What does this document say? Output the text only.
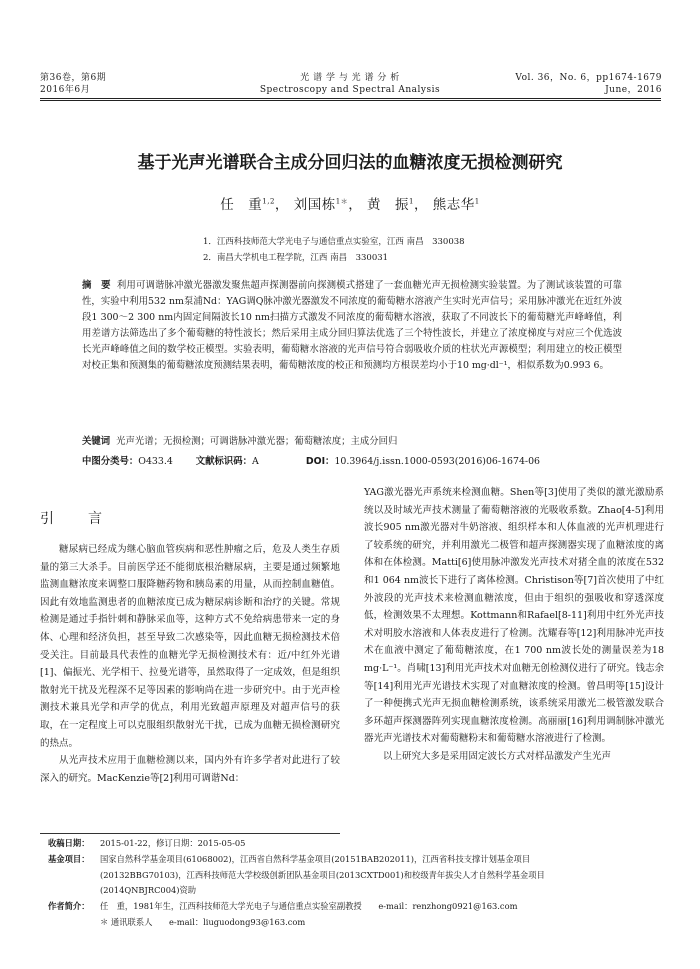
第36卷，第6期
2016年6月
光 谱 学 与 光 谱 分 析
Spectroscopy and Spectral Analysis
Vol. 36，No. 6，pp1674-1679
June，2016
基于光声光谱联合主成分回归法的血糖浓度无损检测研究
任　重$^{1,2}$， 刘国栋$^{1*}$， 黄　振$^1$， 熊志华$^1$
1．江西科技师范大学光电子与通信重点实验室，江西 南昌　330038
2．南昌大学机电工程学院，江西 南昌　330031
摘　要 利用可调谐脉冲激光器激发聚焦超声探测器前向探测模式搭建了一套血糖光声无损检测实验装置。为了测试该装置的可靠性，实验中利用532 nm泵浦Nd：YAG调Q脉冲激光器激发不同浓度的葡萄糖水溶液产生实时光声信号；采用脉冲激光在近红外波段1 300～2 300 nm内固定间隔波长10 nm扫描方式激发不同浓度的葡萄糖水溶液，获取了不同波长下的葡萄糖光声峰峰值，利用差谱方法筛选出了多个葡萄糖的特性波长；然后采用主成分回归算法优选了三个特性波长，并建立了浓度梯度与对应三个优选波长光声峰峰值之间的数学校正模型。实验表明，葡萄糖水溶液的光声信号符合弱吸收介质的柱状光声源模型；利用建立的校正模型对校正集和预测集的葡萄糖浓度预测结果表明，葡萄糖浓度的校正和预测均方根误差均小于10 mg·dl⁻¹，相似系数为0.993 6。
关键词 光声光谱；无损检测；可调谐脉冲激光器；葡萄糖浓度；主成分回归
中图分类号：O433.4 文献标识码：A	DOI：10.3964/j.issn.1000-0593(2016)06-1674-06
引　言

糖尿病已经成为继心脑血管疾病和恶性肿瘤之后，危及人类生存质量的第三大杀手。目前医学还不能彻底根治糖尿病，主要是通过频繁地监测血糖浓度来调整口服降糖药物和胰岛素的用量，从而控制血糖值。因此有效地监测患者的血糖浓度已成为糖尿病诊断和治疗的关键。常规检测是通过手指针刺和静脉采血等，这种方式不免给病患带来一定的身体、心理和经济负担，甚至导致二次感染等，因此血糖无损检测技术倍受关注。目前最具代表性的血糖光学无损检测技术有：近/中红外光谱[1]、偏振光、光学相干、拉曼光谱等，虽然取得了一定成效，但是组织散射光干扰及光程深不足等因素的影响尚在进一步研究中。由于光声检测技术兼具光学和声学的优点，利用光致超声原理及对超声信号的获取，在一定程度上可以克服组织散射光干扰，已成为血糖无损检测研究的热点。

从光声技术应用于血糖检测以来，国内外有许多学者对此进行了较深入的研究。MacKenzie等[2]利用可调谐Nd：

YAG激光器光声系统来检测血糖。Shen等[3]使用了类似的激光激励系统以及时域光声技术测量了葡萄糖溶液的光吸收系数。Zhao[4-5]利用波长905 nm激光器对牛奶溶液、组织样本和人体血液的光声机理进行了较系统的研究，并利用激光二极管和超声探测器实现了血糖浓度的离体和在体检测。Matti[6]使用脉冲激发光声技术对猪全血的浓度在532和1 064 nm波长下进行了离体检测。Christison等[7]首次使用了中红外波段的光声技术来检测血糖浓度，但由于组织的强吸收和穿透深度低，检测效果不太理想。Kottmann和Rafael[8-11]利用中红外光声技术对明胶水溶液和人体表皮进行了检测。沈耀春等[12]利用脉冲光声技术在血液中测定了葡萄糖浓度，在1 700 nm波长处的测量误差为18 mg·L⁻¹。肖啸[13]利用光声技术对血糖无创检测仪进行了研究。钱志余等[14]利用光声光谱技术实现了对血糖浓度的检测。曾昌明等[15]设计了一种便携式光声无损血糖检测系统，该系统采用激光二极管激发联合多环超声探测器阵列实现血糖浓度检测。高丽丽[16]利用调制脉冲激光器光声光谱技术对葡萄糖粉末和葡萄糖水溶液进行了检测。

以上研究大多是采用固定波长方式对样品激发产生光声

收稿日期： 2015-01-22，修订日期：2015-05-05
基金项目： 国家自然科学基金项目(61068002)，江西省自然科学基金项目(20151BAB202011)，江西省科技支撑计划基金项目
(20132BBG70103)，江西科技师范大学校级创新团队基金项目(2013CXTD001)和校级青年拔尖人才自然科学基金项目
(2014QNBJRC004)资助
作者简介： 任　重，1981年生，江西科技师范大学光电子与通信重点实验室副教授　　e-mail：renzhong0921@163.com
＊ 通讯联系人　　e-mail：liuguodong93@163.com
